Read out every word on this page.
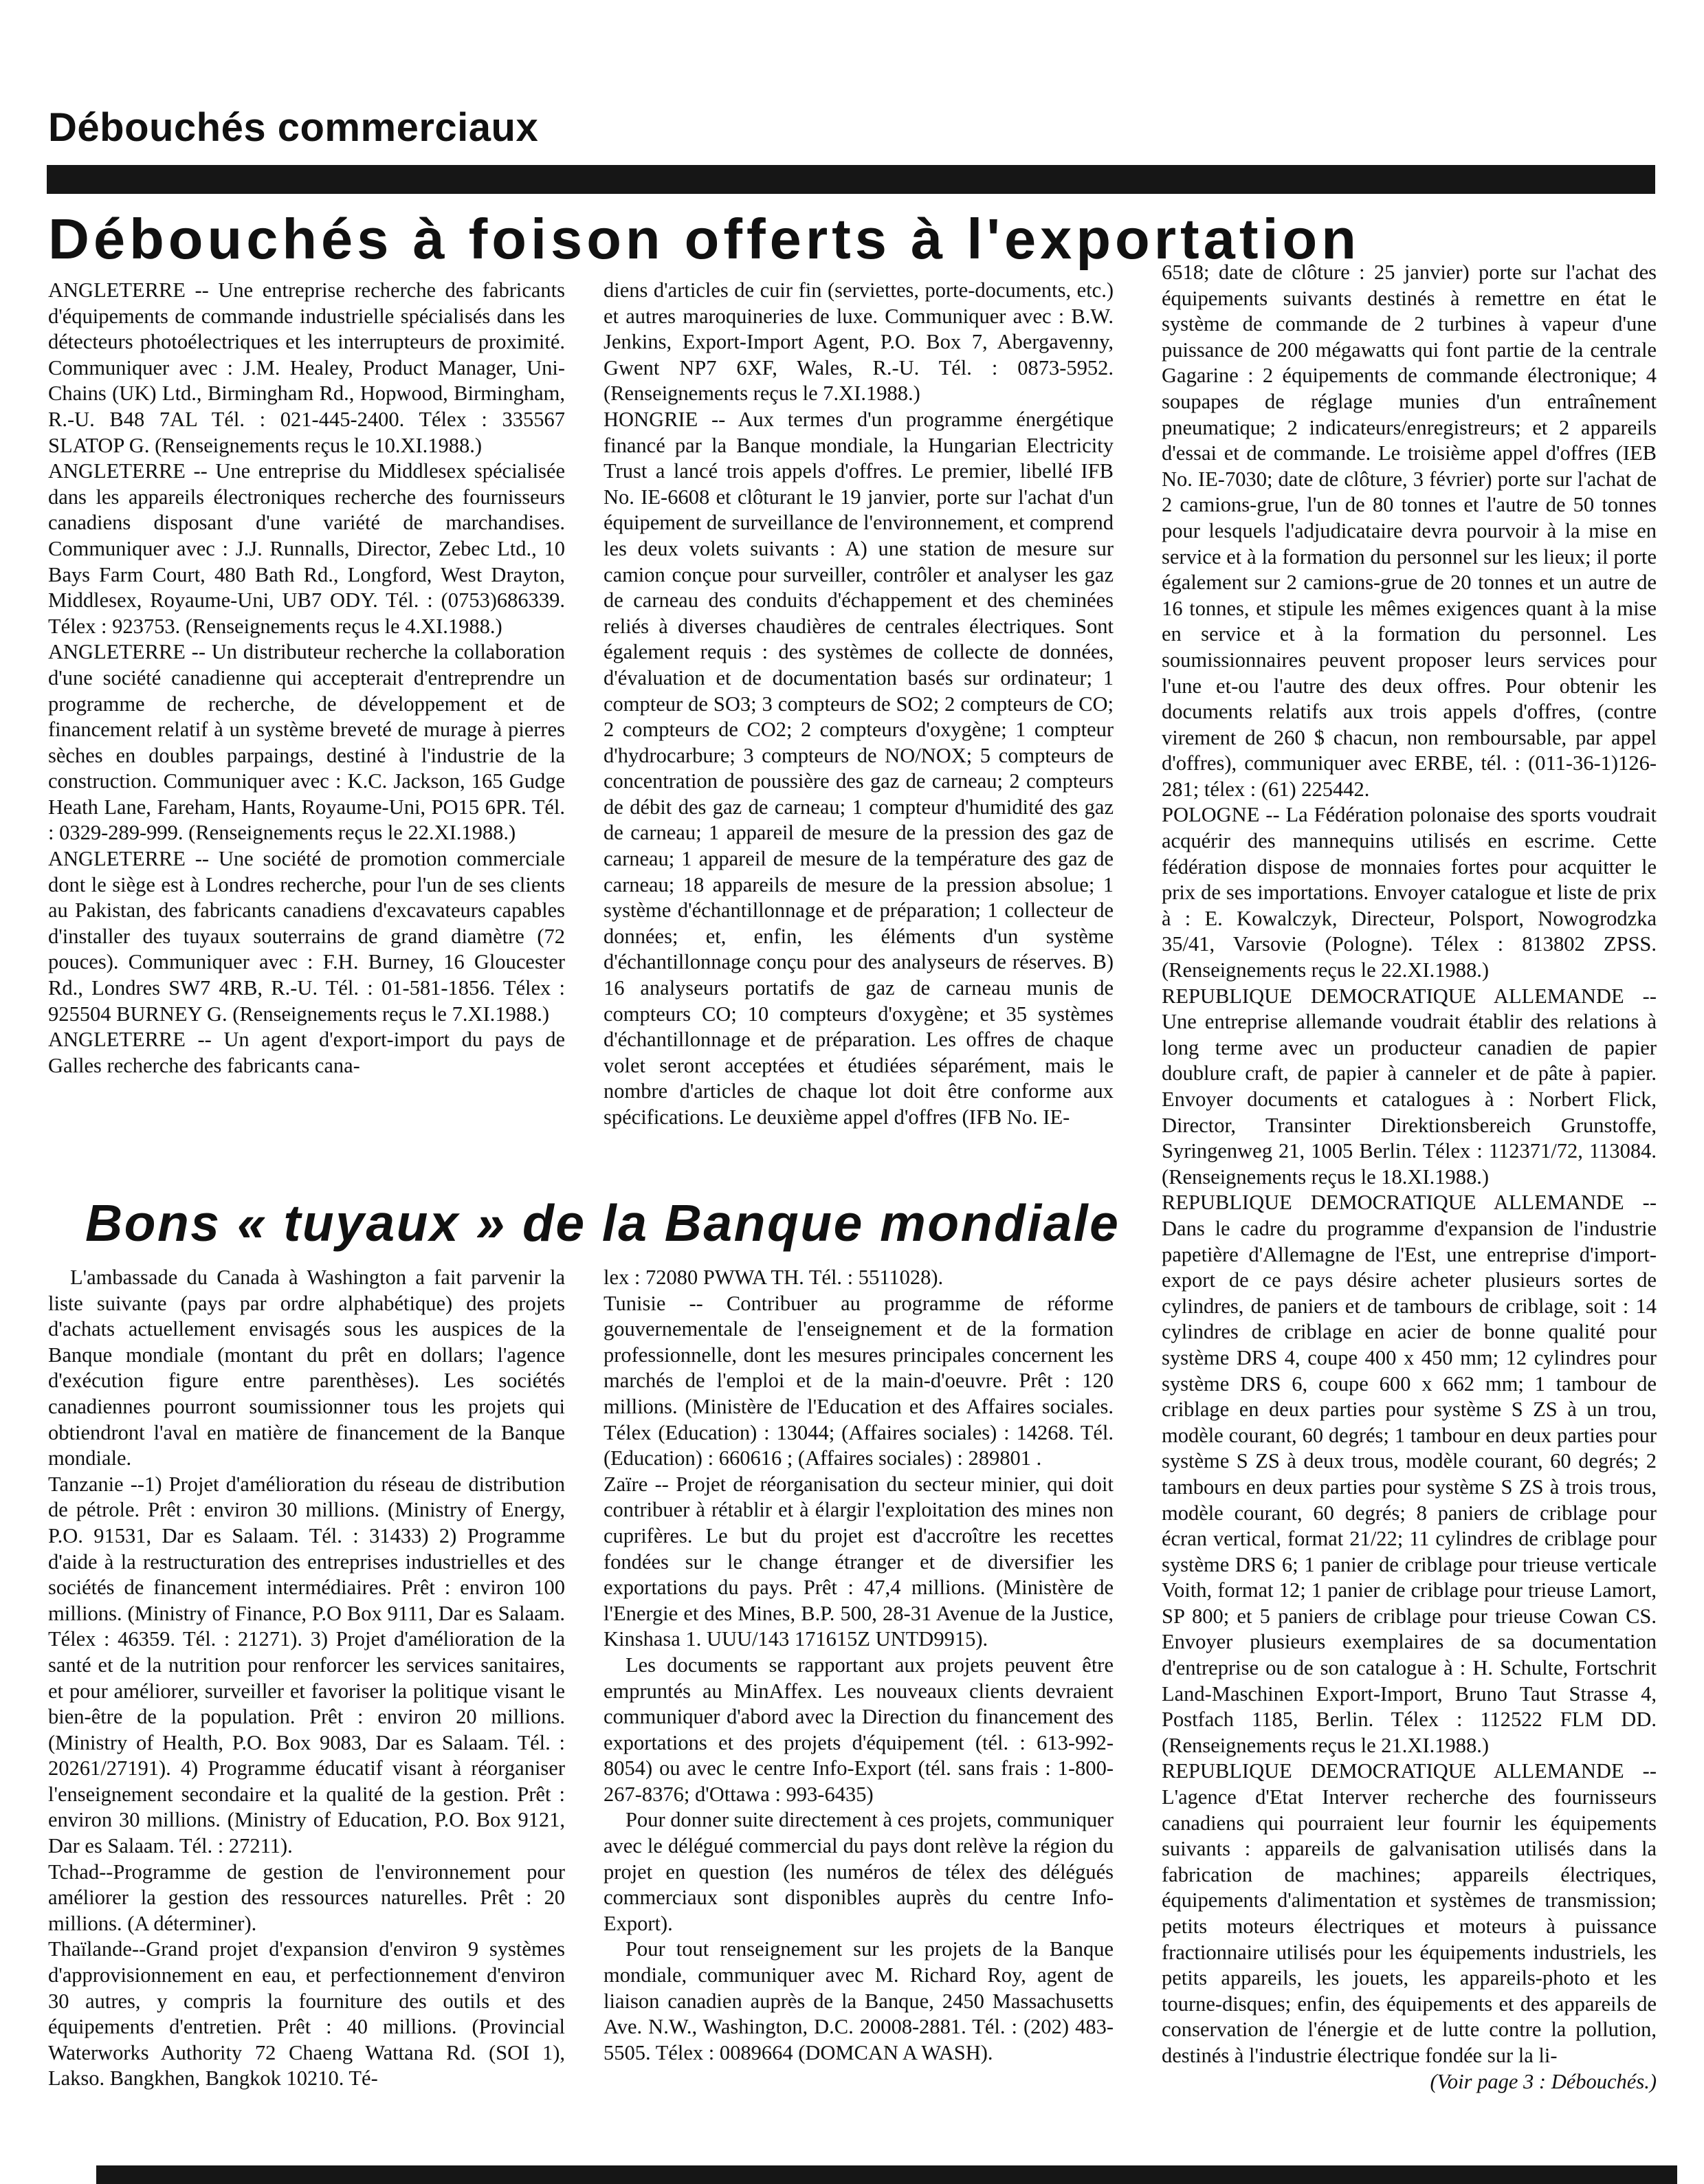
Débouchés commerciaux
Débouchés à foison offerts à l'exportation

ANGLETERRE -- Une entreprise recherche des fabricants d'équipements de commande industrielle spécialisés dans les détecteurs photoélectriques et les interrupteurs de proximité. Communiquer avec : J.M. Healey, Product Manager, Uni-Chains (UK) Ltd., Birmingham Rd., Hopwood, Birmingham, R.-U. B48 7AL Tél. : 021-445-2400. Télex : 335567 SLATOP G. (Renseignements reçus le 10.XI.1988.)

ANGLETERRE -- Une entreprise du Middlesex spécialisée dans les appareils électroniques recherche des fournisseurs canadiens disposant d'une variété de marchandises. Communiquer avec : J.J. Runnalls, Director, Zebec Ltd., 10 Bays Farm Court, 480 Bath Rd., Longford, West Drayton, Middlesex, Royaume-Uni, UB7 ODY. Tél. : (0753)686339. Télex : 923753. (Renseignements reçus le 4.XI.1988.)

ANGLETERRE -- Un distributeur recherche la collaboration d'une société canadienne qui accepterait d'entreprendre un programme de recherche, de développement et de financement relatif à un système breveté de murage à pierres sèches en doubles parpaings, destiné à l'industrie de la construction. Communiquer avec : K.C. Jackson, 165 Gudge Heath Lane, Fareham, Hants, Royaume-Uni, PO15 6PR. Tél. : 0329-289-999. (Renseignements reçus le 22.XI.1988.)

ANGLETERRE -- Une société de promotion commerciale dont le siège est à Londres recherche, pour l'un de ses clients au Pakistan, des fabricants canadiens d'excavateurs capables d'installer des tuyaux souterrains de grand diamètre (72 pouces). Communiquer avec : F.H. Burney, 16 Gloucester Rd., Londres SW7 4RB, R.-U. Tél. : 01-581-1856. Télex : 925504 BURNEY G. (Renseignements reçus le 7.XI.1988.)

ANGLETERRE -- Un agent d'export-import du pays de Galles recherche des fabricants cana-

diens d'articles de cuir fin (serviettes, porte-documents, etc.) et autres maroquineries de luxe. Communiquer avec : B.W. Jenkins, Export-Import Agent, P.O. Box 7, Abergavenny, Gwent NP7 6XF, Wales, R.-U. Tél. : 0873-5952. (Renseignements reçus le 7.XI.1988.)

HONGRIE -- Aux termes d'un programme énergétique financé par la Banque mondiale, la Hungarian Electricity Trust a lancé trois appels d'offres. Le premier, libellé IFB No. IE-6608 et clôturant le 19 janvier, porte sur l'achat d'un équipement de surveillance de l'environnement, et comprend les deux volets suivants : A) une station de mesure sur camion conçue pour surveiller, contrôler et analyser les gaz de carneau des conduits d'échappement et des cheminées reliés à diverses chaudières de centrales électriques. Sont également requis : des systèmes de collecte de données, d'évaluation et de documentation basés sur ordinateur; 1 compteur de SO3; 3 compteurs de SO2; 2 compteurs de CO; 2 compteurs de CO2; 2 compteurs d'oxygène; 1 compteur d'hydrocarbure; 3 compteurs de NO/NOX; 5 compteurs de concentration de poussière des gaz de carneau; 2 compteurs de débit des gaz de carneau; 1 compteur d'humidité des gaz de carneau; 1 appareil de mesure de la pression des gaz de carneau; 1 appareil de mesure de la température des gaz de carneau; 18 appareils de mesure de la pression absolue; 1 système d'échantillonnage et de préparation; 1 collecteur de données; et, enfin, les éléments d'un système d'échantillonnage conçu pour des analyseurs de réserves. B) 16 analyseurs portatifs de gaz de carneau munis de compteurs CO; 10 compteurs d'oxygène; et 35 systèmes d'échantillonnage et de préparation. Les offres de chaque volet seront acceptées et étudiées séparément, mais le nombre d'articles de chaque lot doit être conforme aux spécifications. Le deuxième appel d'offres (IFB No. IE-

6518; date de clôture : 25 janvier) porte sur l'achat des équipements suivants destinés à remettre en état le système de commande de 2 turbines à vapeur d'une puissance de 200 mégawatts qui font partie de la centrale Gagarine : 2 équipements de commande électronique; 4 soupapes de réglage munies d'un entraînement pneumatique; 2 indicateurs/enregistreurs; et 2 appareils d'essai et de commande. Le troisième appel d'offres (IEB No. IE-7030; date de clôture, 3 février) porte sur l'achat de 2 camions-grue, l'un de 80 tonnes et l'autre de 50 tonnes pour lesquels l'adjudicataire devra pourvoir à la mise en service et à la formation du personnel sur les lieux; il porte également sur 2 camions-grue de 20 tonnes et un autre de 16 tonnes, et stipule les mêmes exigences quant à la mise en service et à la formation du personnel. Les soumissionnaires peuvent proposer leurs services pour l'une et-ou l'autre des deux offres. Pour obtenir les documents relatifs aux trois appels d'offres, (contre virement de 260 $ chacun, non remboursable, par appel d'offres), communiquer avec ERBE, tél. : (011-36-1)126-281; télex : (61) 225442.

POLOGNE -- La Fédération polonaise des sports voudrait acquérir des mannequins utilisés en escrime. Cette fédération dispose de monnaies fortes pour acquitter le prix de ses importations. Envoyer catalogue et liste de prix à : E. Kowalczyk, Directeur, Polsport, Nowogrodzka 35/41, Varsovie (Pologne). Télex : 813802 ZPSS. (Renseignements reçus le 22.XI.1988.)

REPUBLIQUE DEMOCRATIQUE ALLEMANDE -- Une entreprise allemande voudrait établir des relations à long terme avec un producteur canadien de papier doublure craft, de papier à canneler et de pâte à papier. Envoyer documents et catalogues à : Norbert Flick, Director, Transinter Direktionsbereich Grunstoffe, Syringenweg 21, 1005 Berlin. Télex : 112371/72, 113084. (Renseignements reçus le 18.XI.1988.)

REPUBLIQUE DEMOCRATIQUE ALLEMANDE -- Dans le cadre du programme d'expansion de l'industrie papetière d'Allemagne de l'Est, une entreprise d'import-export de ce pays désire acheter plusieurs sortes de cylindres, de paniers et de tambours de criblage, soit : 14 cylindres de criblage en acier de bonne qualité pour système DRS 4, coupe 400 x 450 mm; 12 cylindres pour système DRS 6, coupe 600 x 662 mm; 1 tambour de criblage en deux parties pour système S ZS à un trou, modèle courant, 60 degrés; 1 tambour en deux parties pour système S ZS à deux trous, modèle courant, 60 degrés; 2 tambours en deux parties pour système S ZS à trois trous, modèle courant, 60 degrés; 8 paniers de criblage pour écran vertical, format 21/22; 11 cylindres de criblage pour système DRS 6; 1 panier de criblage pour trieuse verticale Voith, format 12; 1 panier de criblage pour trieuse Lamort, SP 800; et 5 paniers de criblage pour trieuse Cowan CS. Envoyer plusieurs exemplaires de sa documentation d'entreprise ou de son catalogue à : H. Schulte, Fortschrit Land-Maschinen Export-Import, Bruno Taut Strasse 4, Postfach 1185, Berlin. Télex : 112522 FLM DD. (Renseignements reçus le 21.XI.1988.)

REPUBLIQUE DEMOCRATIQUE ALLEMANDE -- L'agence d'Etat Interver recherche des fournisseurs canadiens qui pourraient leur fournir les équipements suivants : appareils de galvanisation utilisés dans la fabrication de machines; appareils électriques, équipements d'alimentation et systèmes de transmission; petits moteurs électriques et moteurs à puissance fractionnaire utilisés pour les équipements industriels, les petits appareils, les jouets, les appareils-photo et les tourne-disques; enfin, des équipements et des appareils de conservation de l'énergie et de lutte contre la pollution, destinés à l'industrie électrique fondée sur la li-

(Voir page 3 : Débouchés.)

Bons « tuyaux » de la Banque mondiale

L'ambassade du Canada à Washington a fait parvenir la liste suivante (pays par ordre alphabétique) des projets d'achats actuellement envisagés sous les auspices de la Banque mondiale (montant du prêt en dollars; l'agence d'exécution figure entre parenthèses). Les sociétés canadiennes pourront soumissionner tous les projets qui obtiendront l'aval en matière de financement de la Banque mondiale.

Tanzanie --1) Projet d'amélioration du réseau de distribution de pétrole. Prêt : environ 30 millions. (Ministry of Energy, P.O. 91531, Dar es Salaam. Tél. : 31433) 2) Programme d'aide à la restructuration des entreprises industrielles et des sociétés de financement intermédiaires. Prêt : environ 100 millions. (Ministry of Finance, P.O Box 9111, Dar es Salaam. Télex : 46359. Tél. : 21271). 3) Projet d'amélioration de la santé et de la nutrition pour renforcer les services sanitaires, et pour améliorer, surveiller et favoriser la politique visant le bien-être de la population. Prêt : environ 20 millions. (Ministry of Health, P.O. Box 9083, Dar es Salaam. Tél. : 20261/27191). 4) Programme éducatif visant à réorganiser l'enseignement secondaire et la qualité de la gestion. Prêt : environ 30 millions. (Ministry of Education, P.O. Box 9121, Dar es Salaam. Tél. : 27211).

Tchad--Programme de gestion de l'environnement pour améliorer la gestion des ressources naturelles. Prêt : 20 millions. (A déterminer).

Thaïlande--Grand projet d'expansion d'environ 9 systèmes d'approvisionnement en eau, et perfectionnement d'environ 30 autres, y compris la fourniture des outils et des équipements d'entretien. Prêt : 40 millions. (Provincial Waterworks Authority 72 Chaeng Wattana Rd. (SOI 1), Lakso. Bangkhen, Bangkok 10210. Té-

lex : 72080 PWWA TH. Tél. : 5511028).

Tunisie -- Contribuer au programme de réforme gouvernementale de l'enseignement et de la formation professionnelle, dont les mesures principales concernent les marchés de l'emploi et de la main-d'oeuvre. Prêt : 120 millions. (Ministère de l'Education et des Affaires sociales. Télex (Education) : 13044; (Affaires sociales) : 14268. Tél. (Education) : 660616 ; (Affaires sociales) : 289801 .

Zaïre -- Projet de réorganisation du secteur minier, qui doit contribuer à rétablir et à élargir l'exploitation des mines non cuprifères. Le but du projet est d'accroître les recettes fondées sur le change étranger et de diversifier les exportations du pays. Prêt : 47,4 millions. (Ministère de l'Energie et des Mines, B.P. 500, 28-31 Avenue de la Justice, Kinshasa 1. UUU/143 171615Z UNTD9915).

Les documents se rapportant aux projets peuvent être empruntés au MinAffex. Les nouveaux clients devraient communiquer d'abord avec la Direction du financement des exportations et des projets d'équipement (tél. : 613-992-8054) ou avec le centre Info-Export (tél. sans frais : 1-800-267-8376; d'Ottawa : 993-6435)

Pour donner suite directement à ces projets, communiquer avec le délégué commercial du pays dont relève la région du projet en question (les numéros de télex des délégués commerciaux sont disponibles auprès du centre Info-Export).

Pour tout renseignement sur les projets de la Banque mondiale, communiquer avec M. Richard Roy, agent de liaison canadien auprès de la Banque, 2450 Massachusetts Ave. N.W., Washington, D.C. 20008-2881. Tél. : (202) 483-5505. Télex : 0089664 (DOMCAN A WASH).
